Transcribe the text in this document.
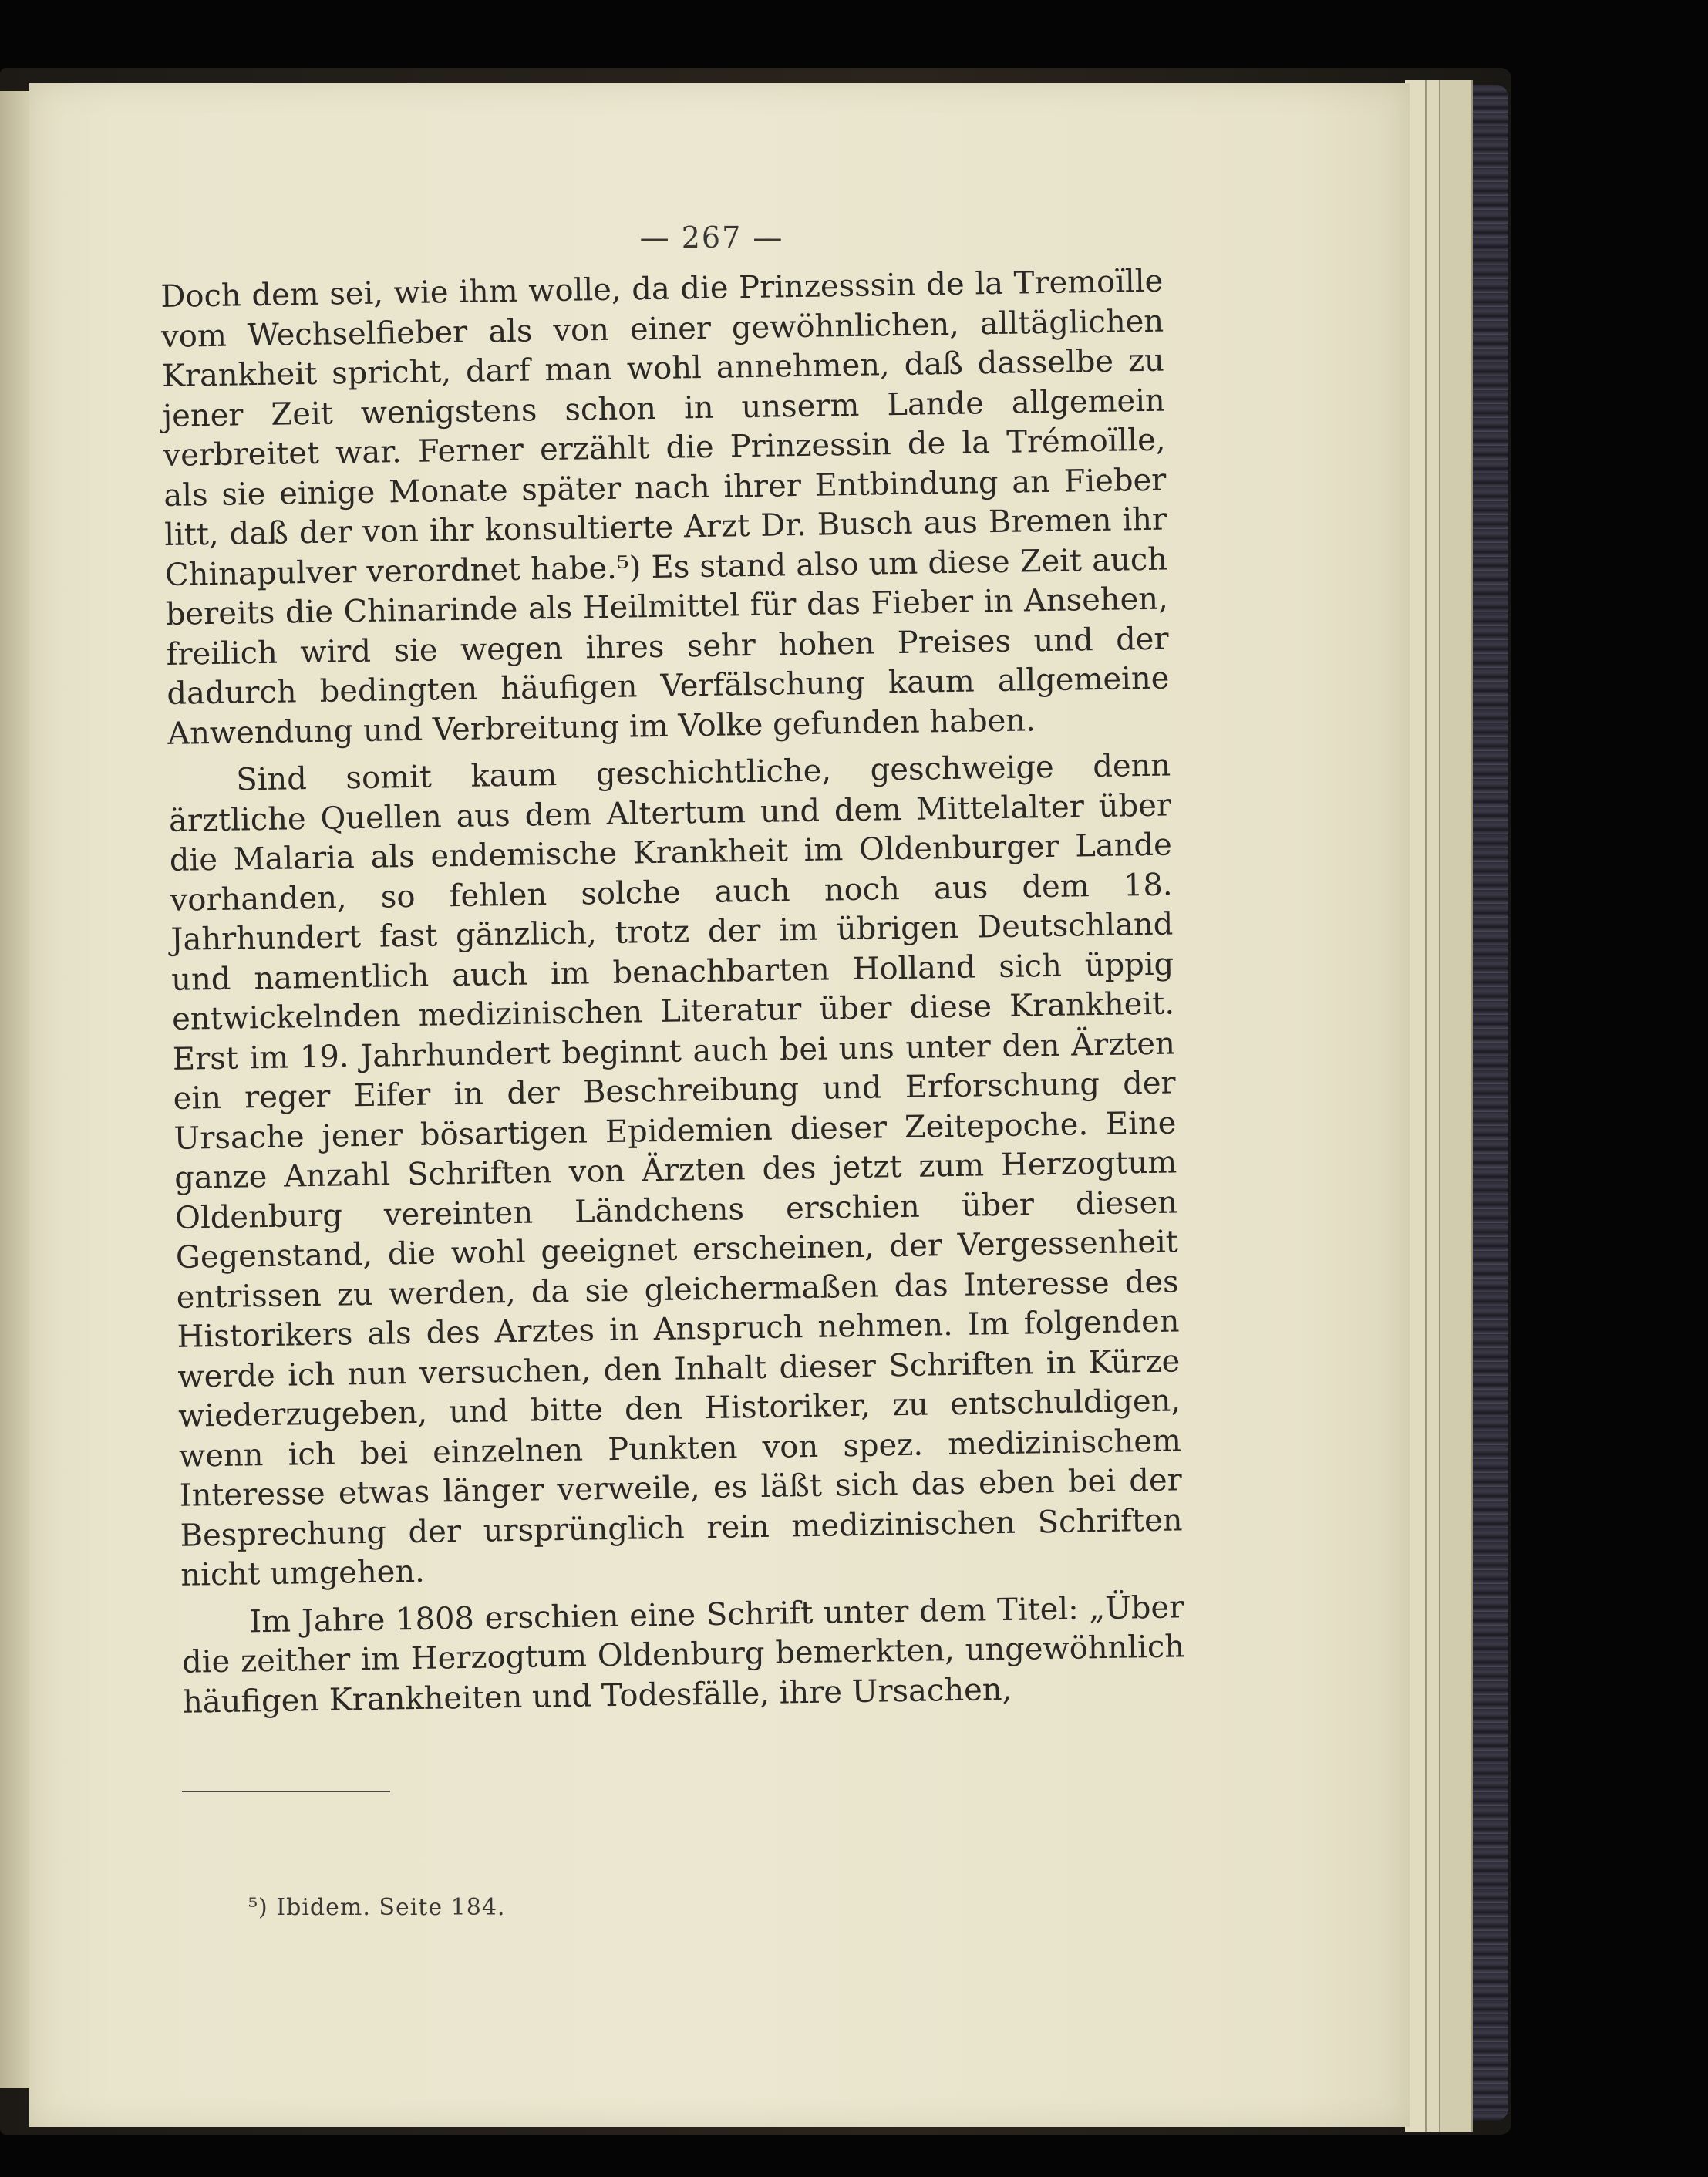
— 267 —

Doch dem sei, wie ihm wolle, da die Prinzesssin de la Tremoïlle vom Wechselfieber als von einer gewöhnlichen, alltäglichen Krankheit spricht, darf man wohl annehmen, daß dasselbe zu jener Zeit wenigstens schon in unserm Lande allgemein verbreitet war. Ferner erzählt die Prinzessin de la Trémoïlle, als sie einige Monate später nach ihrer Entbindung an Fieber litt, daß der von ihr konsultierte Arzt Dr. Busch aus Bremen ihr Chinapulver verordnet habe.⁵) Es stand also um diese Zeit auch bereits die Chinarinde als Heilmittel für das Fieber in Ansehen, freilich wird sie wegen ihres sehr hohen Preises und der dadurch bedingten häufigen Verfälschung kaum allgemeine Anwendung und Verbreitung im Volke gefunden haben.

Sind somit kaum geschichtliche, geschweige denn ärztliche Quellen aus dem Altertum und dem Mittelalter über die Malaria als endemische Krankheit im Oldenburger Lande vorhanden, so fehlen solche auch noch aus dem 18. Jahrhundert fast gänzlich, trotz der im übrigen Deutschland und namentlich auch im benachbarten Holland sich üppig entwickelnden medizinischen Literatur über diese Krankheit. Erst im 19. Jahrhundert beginnt auch bei uns unter den Ärzten ein reger Eifer in der Beschreibung und Erforschung der Ursache jener bösartigen Epidemien dieser Zeitepoche. Eine ganze Anzahl Schriften von Ärzten des jetzt zum Herzogtum Oldenburg vereinten Ländchens erschien über diesen Gegenstand, die wohl geeignet erscheinen, der Vergessenheit entrissen zu werden, da sie gleichermaßen das Interesse des Historikers als des Arztes in Anspruch nehmen. Im folgenden werde ich nun versuchen, den Inhalt dieser Schriften in Kürze wiederzugeben, und bitte den Historiker, zu entschuldigen, wenn ich bei einzelnen Punkten von spez. medizinischem Interesse etwas länger verweile, es läßt sich das eben bei der Besprechung der ursprünglich rein medizinischen Schriften nicht umgehen.

Im Jahre 1808 erschien eine Schrift unter dem Titel: „Über die zeither im Herzogtum Oldenburg bemerkten, ungewöhnlich häufigen Krankheiten und Todesfälle, ihre Ursachen,

⁵) Ibidem. Seite 184.
